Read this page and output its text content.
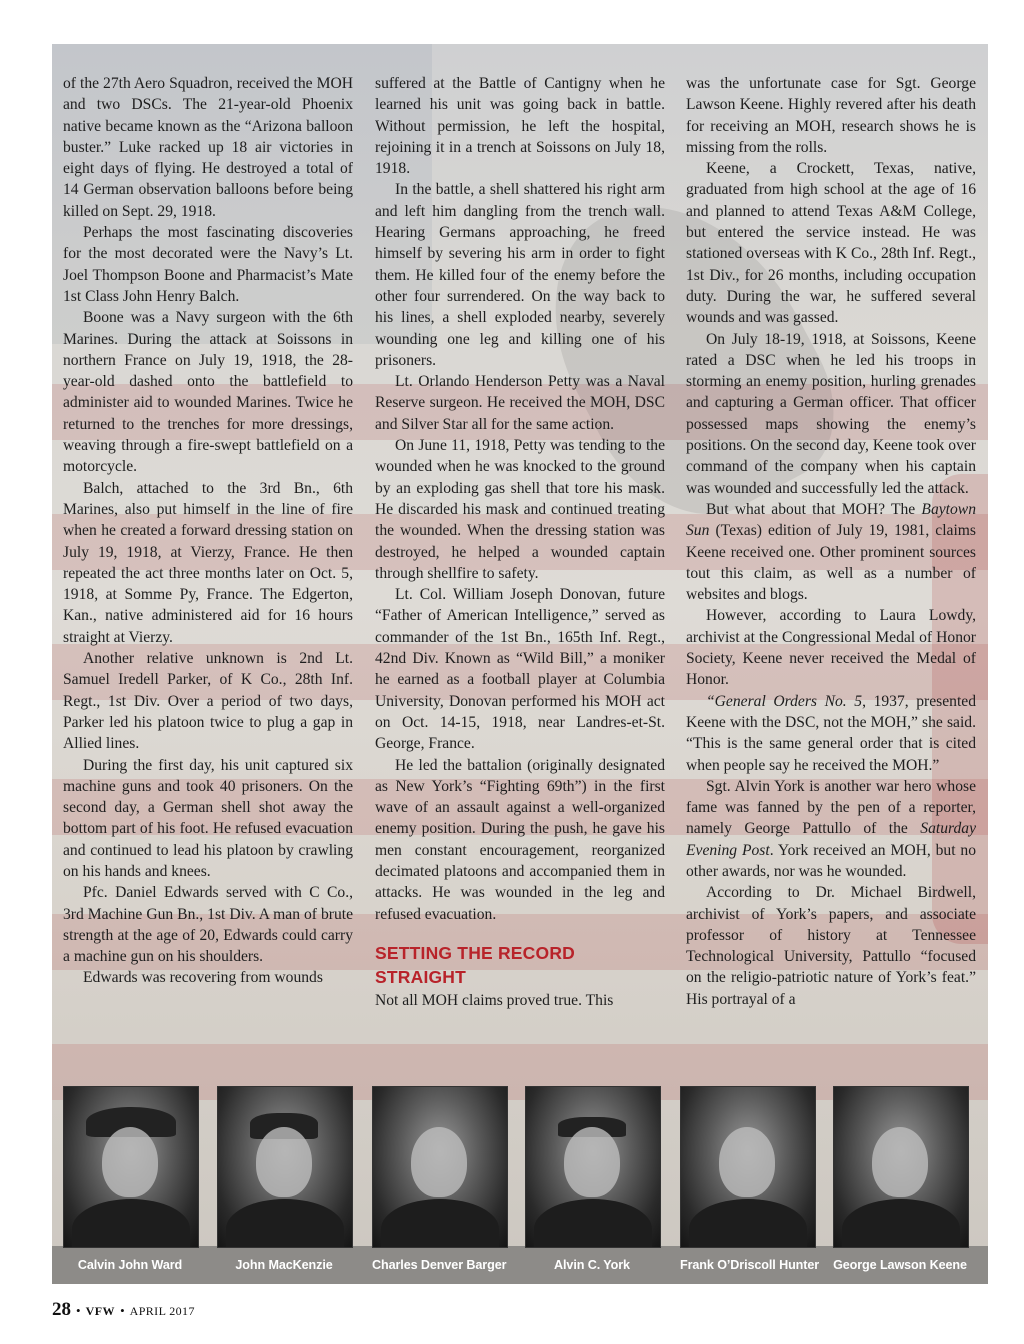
of the 27th Aero Squadron, received the MOH and two DSCs. The 21-year-old Phoenix native became known as the “Arizona balloon buster.” Luke racked up 18 air victories in eight days of flying. He destroyed a total of 14 German observation balloons before being killed on Sept. 29, 1918.

Perhaps the most fascinating discoveries for the most decorated were the Navy’s Lt. Joel Thompson Boone and Pharmacist’s Mate 1st Class John Henry Balch.

Boone was a Navy surgeon with the 6th Marines. During the attack at Soissons in northern France on July 19, 1918, the 28-year-old dashed onto the battlefield to administer aid to wounded Marines. Twice he returned to the trenches for more dressings, weaving through a fire-swept battlefield on a motorcycle.

Balch, attached to the 3rd Bn., 6th Marines, also put himself in the line of fire when he created a forward dressing station on July 19, 1918, at Vierzy, France. He then repeated the act three months later on Oct. 5, 1918, at Somme Py, France. The Edgerton, Kan., native administered aid for 16 hours straight at Vierzy.

Another relative unknown is 2nd Lt. Samuel Iredell Parker, of K Co., 28th Inf. Regt., 1st Div. Over a period of two days, Parker led his platoon twice to plug a gap in Allied lines.

During the first day, his unit captured six machine guns and took 40 prisoners. On the second day, a German shell shot away the bottom part of his foot. He refused evacuation and continued to lead his platoon by crawling on his hands and knees.

Pfc. Daniel Edwards served with C Co., 3rd Machine Gun Bn., 1st Div. A man of brute strength at the age of 20, Edwards could carry a machine gun on his shoulders.

Edwards was recovering from wounds

suffered at the Battle of Cantigny when he learned his unit was going back in battle. Without permission, he left the hospital, rejoining it in a trench at Soissons on July 18, 1918.

In the battle, a shell shattered his right arm and left him dangling from the trench wall. Hearing Germans approaching, he freed himself by severing his arm in order to fight them. He killed four of the enemy before the other four surrendered. On the way back to his lines, a shell exploded nearby, severely wounding one leg and killing one of his prisoners.

Lt. Orlando Henderson Petty was a Naval Reserve surgeon. He received the MOH, DSC and Silver Star all for the same action.

On June 11, 1918, Petty was tending to the wounded when he was knocked to the ground by an exploding gas shell that tore his mask. He discarded his mask and continued treating the wounded. When the dressing station was destroyed, he helped a wounded captain through shellfire to safety.

Lt. Col. William Joseph Donovan, future “Father of American Intelligence,” served as commander of the 1st Bn., 165th Inf. Regt., 42nd Div. Known as “Wild Bill,” a moniker he earned as a football player at Columbia University, Donovan performed his MOH act on Oct. 14-15, 1918, near Landres-et-St. George, France.

He led the battalion (originally designated as New York’s “Fighting 69th”) in the first wave of an assault against a well-organized enemy position. During the push, he gave his men constant encouragement, reorganized decimated platoons and accompanied them in attacks. He was wounded in the leg and refused evacuation.

SETTING THE RECORD STRAIGHT

Not all MOH claims proved true. This

was the unfortunate case for Sgt. George Lawson Keene. Highly revered after his death for receiving an MOH, research shows he is missing from the rolls.

Keene, a Crockett, Texas, native, graduated from high school at the age of 16 and planned to attend Texas A&M College, but entered the service instead. He was stationed overseas with K Co., 28th Inf. Regt., 1st Div., for 26 months, including occupation duty. During the war, he suffered several wounds and was gassed.

On July 18-19, 1918, at Soissons, Keene rated a DSC when he led his troops in storming an enemy position, hurling grenades and capturing a German officer. That officer possessed maps showing the enemy’s positions. On the second day, Keene took over command of the company when his captain was wounded and successfully led the attack.

But what about that MOH? The Baytown Sun (Texas) edition of July 19, 1981, claims Keene received one. Other prominent sources tout this claim, as well as a number of websites and blogs.

However, according to Laura Lowdy, archivist at the Congressional Medal of Honor Society, Keene never received the Medal of Honor.

“General Orders No. 5, 1937, presented Keene with the DSC, not the MOH,” she said. “This is the same general order that is cited when people say he received the MOH.”

Sgt. Alvin York is another war hero whose fame was fanned by the pen of a reporter, namely George Pattullo of the Saturday Evening Post. York received an MOH, but no other awards, nor was he wounded.

According to Dr. Michael Birdwell, archivist of York’s papers, and associate professor of history at Tennessee Technological University, Pattullo “focused on the religio-patriotic nature of York’s feat.” His portrayal of a

Calvin John Ward	John MacKenzie	Charles Denver Barger	Alvin C. York	Frank O’Driscoll Hunter George Lawson Keene
28 • VFW • APRIL 2017
